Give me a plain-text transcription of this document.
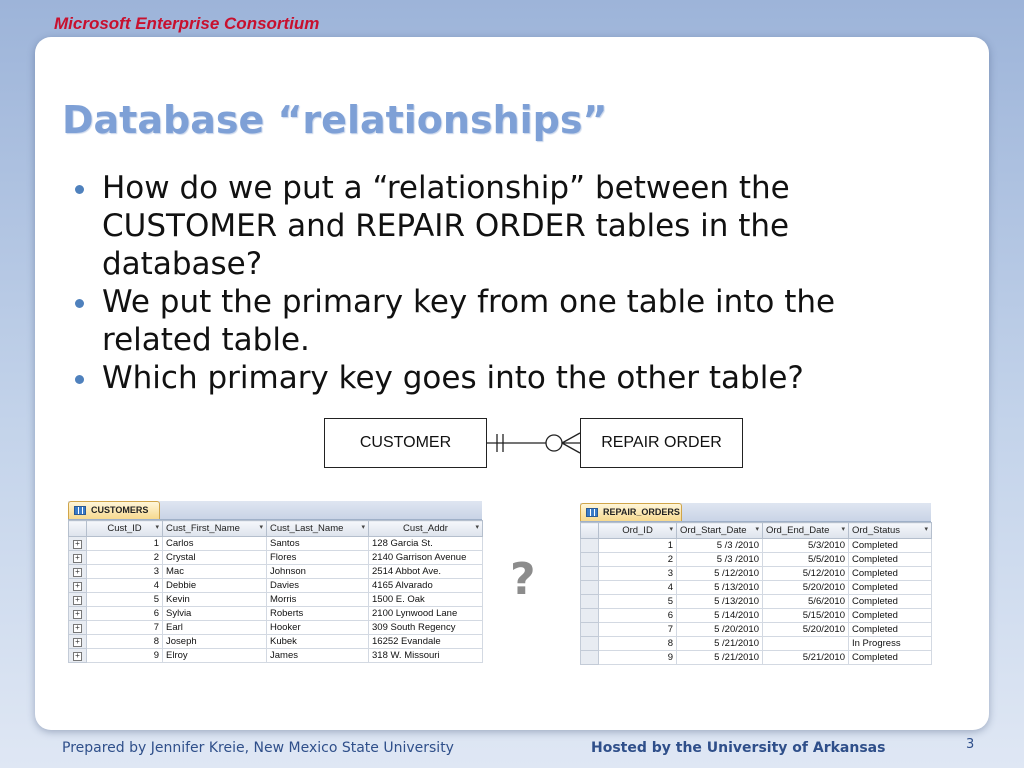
Microsoft Enterprise Consortium
Database “relationships”
How do we put a “relationship” between the CUSTOMER and REPAIR ORDER tables in the database?
We put the primary key from one table into the related table.
Which primary key goes into the other table?
CUSTOMER	REPAIR ORDER
?
CUSTOMERS
	Cust_ID ▾	Cust_First_Name ▾	Cust_Last_Name ▾	Cust_Addr ▾

+	1	Carlos	Santos	128 Garcia St.
+	2	Crystal	Flores	2140 Garrison Avenue
+	3	Mac	Johnson	2514 Abbot Ave.
+	4	Debbie	Davies	4165 Alvarado
+	5	Kevin	Morris	1500 E. Oak
+	6	Sylvia	Roberts	2100 Lynwood Lane
+	7	Earl	Hooker	309 South Regency
+	8	Joseph	Kubek	16252 Evandale
+	9	Elroy	James	318 W. Missouri
REPAIR_ORDERS
	Ord_ID ▾	Ord_Start_Date ▾	Ord_End_Date ▾	Ord_Status ▾

	1	5 /3 /2010	5/3/2010	Completed
	2	5 /3 /2010	5/5/2010	Completed
	3	5 /12/2010	5/12/2010	Completed
	4	5 /13/2010	5/20/2010	Completed
	5	5 /13/2010	5/6/2010	Completed
	6	5 /14/2010	5/15/2010	Completed
	7	5 /20/2010	5/20/2010	Completed
	8	5 /21/2010		In Progress
	9	5 /21/2010	5/21/2010	Completed
Prepared by Jennifer Kreie, New Mexico State University	Hosted by the University of Arkansas	3
